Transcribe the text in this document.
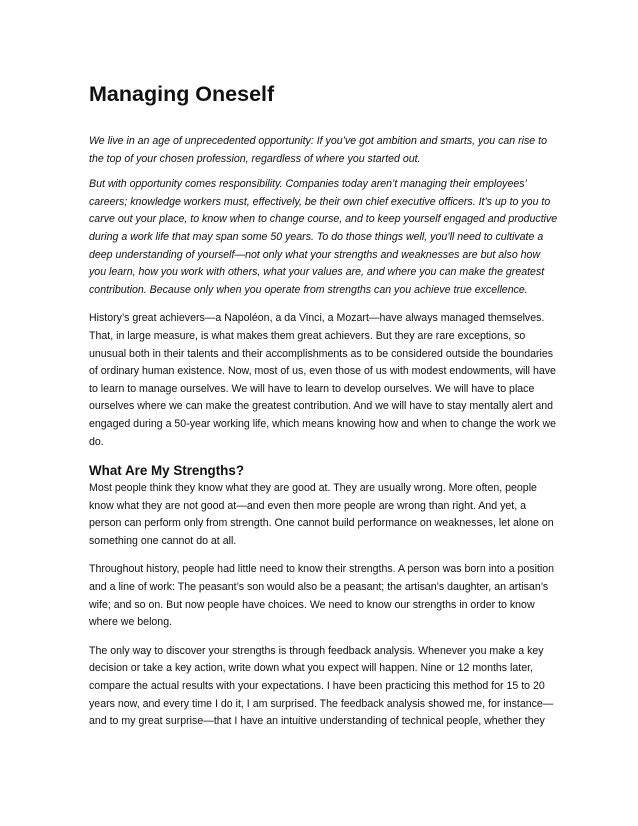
Managing Oneself

We live in an age of unprecedented opportunity: If you’ve got ambition and smarts, you can rise to
the top of your chosen profession, regardless of where you started out.

But with opportunity comes responsibility. Companies today aren’t managing their employees’
careers; knowledge workers must, effectively, be their own chief executive officers. It’s up to you to
carve out your place, to know when to change course, and to keep yourself engaged and productive
during a work life that may span some 50 years. To do those things well, you’ll need to cultivate a
deep understanding of yourself—not only what your strengths and weaknesses are but also how
you learn, how you work with others, what your values are, and where you can make the greatest
contribution. Because only when you operate from strengths can you achieve true excellence.

History’s great achievers—a Napoléon, a da Vinci, a Mozart—have always managed themselves.
That, in large measure, is what makes them great achievers. But they are rare exceptions, so
unusual both in their talents and their accomplishments as to be considered outside the boundaries
of ordinary human existence. Now, most of us, even those of us with modest endowments, will have
to learn to manage ourselves. We will have to learn to develop ourselves. We will have to place
ourselves where we can make the greatest contribution. And we will have to stay mentally alert and
engaged during a 50-year working life, which means knowing how and when to change the work we
do.

What Are My Strengths?

Most people think they know what they are good at. They are usually wrong. More often, people
know what they are not good at—and even then more people are wrong than right. And yet, a
person can perform only from strength. One cannot build performance on weaknesses, let alone on
something one cannot do at all.

Throughout history, people had little need to know their strengths. A person was born into a position
and a line of work: The peasant’s son would also be a peasant; the artisan’s daughter, an artisan’s
wife; and so on. But now people have choices. We need to know our strengths in order to know
where we belong.

The only way to discover your strengths is through feedback analysis. Whenever you make a key
decision or take a key action, write down what you expect will happen. Nine or 12 months later,
compare the actual results with your expectations. I have been practicing this method for 15 to 20
years now, and every time I do it, I am surprised. The feedback analysis showed me, for instance—
and to my great surprise—that I have an intuitive understanding of technical people, whether they
